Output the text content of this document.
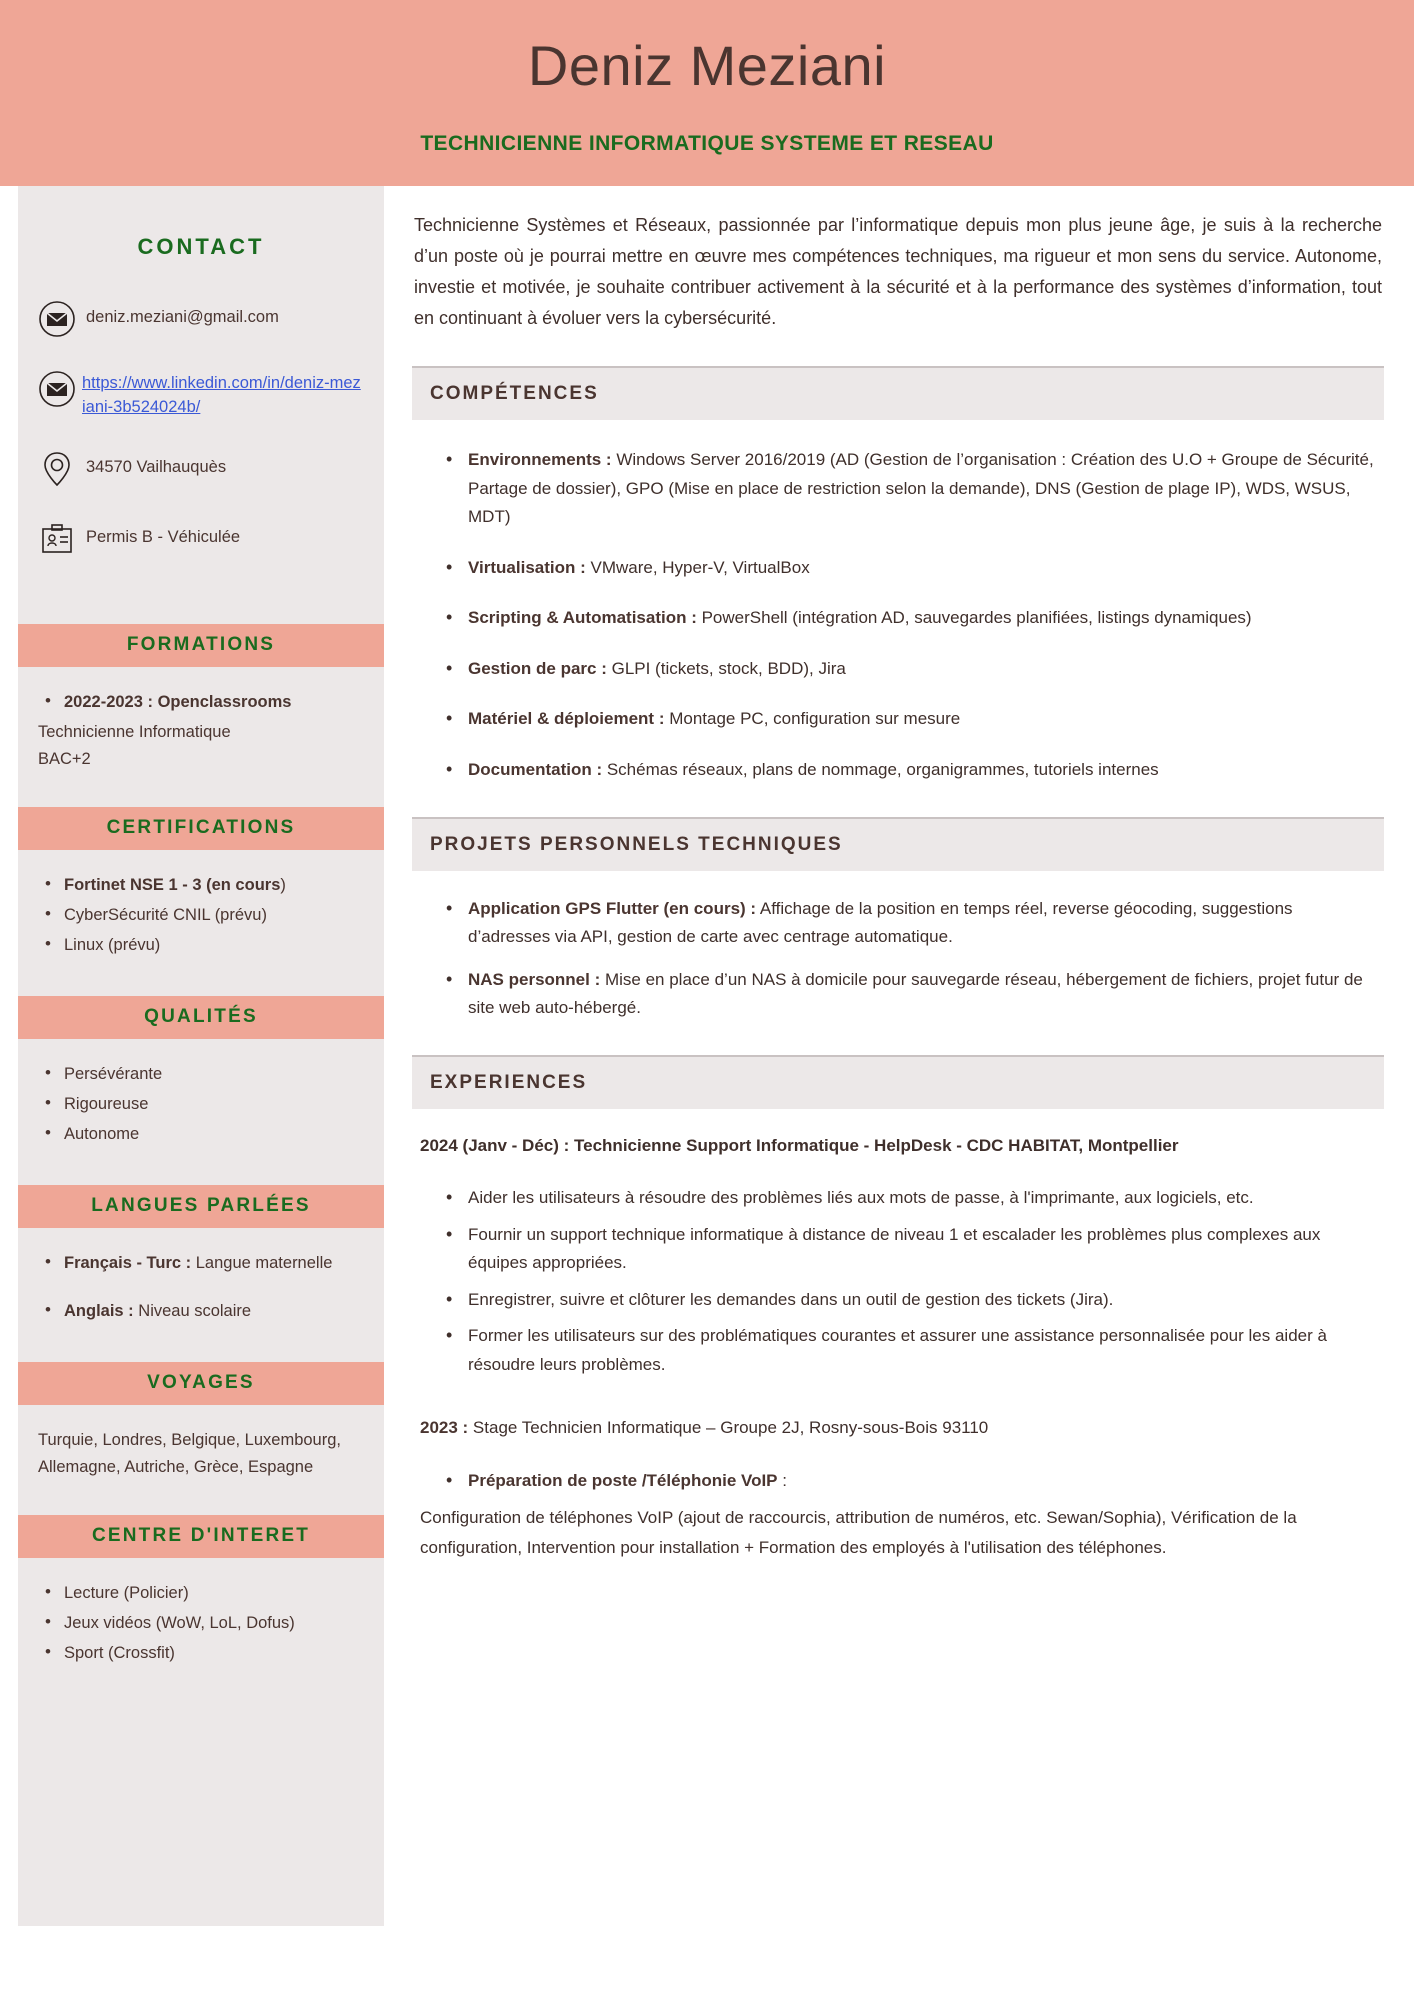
Deniz Meziani
TECHNICIENNE INFORMATIQUE SYSTEME ET RESEAU
CONTACT
deniz.meziani@gmail.com
https://www.linkedin.com/in/deniz-meziani-3b524024b/
34570 Vailhauquès
Permis B - Véhiculée
FORMATIONS
• 2022-2023 : Openclassrooms
Technicienne Informatique
BAC+2
CERTIFICATIONS
• Fortinet NSE 1 - 3 (en cours)
• CyberSécurité CNIL (prévu)
• Linux (prévu)
QUALITÉS
• Persévérante
• Rigoureuse
• Autonome
LANGUES PARLÉES
• Français - Turc : Langue maternelle
• Anglais : Niveau scolaire
VOYAGES
Turquie, Londres, Belgique, Luxembourg, Allemagne, Autriche, Grèce, Espagne
CENTRE D'INTERET
• Lecture (Policier)
• Jeux vidéos (WoW, LoL, Dofus)
• Sport (Crossfit)

Technicienne Systèmes et Réseaux, passionnée par l’informatique depuis mon plus jeune âge, je suis à la recherche d’un poste où je pourrai mettre en œuvre mes compétences techniques, ma rigueur et mon sens du service. Autonome, investie et motivée, je souhaite contribuer activement à la sécurité et à la performance des systèmes d’information, tout en continuant à évoluer vers la cybersécurité.

COMPÉTENCES
• Environnements : Windows Server 2016/2019 (AD (Gestion de l’organisation : Création des U.O + Groupe de Sécurité, Partage de dossier), GPO (Mise en place de restriction selon la demande), DNS (Gestion de plage IP), WDS, WSUS, MDT)
• Virtualisation : VMware, Hyper-V, VirtualBox
• Scripting & Automatisation : PowerShell (intégration AD, sauvegardes planifiées, listings dynamiques)
• Gestion de parc : GLPI (tickets, stock, BDD), Jira
• Matériel & déploiement : Montage PC, configuration sur mesure
• Documentation : Schémas réseaux, plans de nommage, organigrammes, tutoriels internes
PROJETS PERSONNELS TECHNIQUES
• Application GPS Flutter (en cours) : Affichage de la position en temps réel, reverse géocoding, suggestions d’adresses via API, gestion de carte avec centrage automatique.
• NAS personnel : Mise en place d’un NAS à domicile pour sauvegarde réseau, hébergement de fichiers, projet futur de site web auto-hébergé.
EXPERIENCES
2024 (Janv - Déc) : Technicienne Support Informatique - HelpDesk - CDC HABITAT, Montpellier
• Aider les utilisateurs à résoudre des problèmes liés aux mots de passe, à l'imprimante, aux logiciels, etc.
• Fournir un support technique informatique à distance de niveau 1 et escalader les problèmes plus complexes aux équipes appropriées.
• Enregistrer, suivre et clôturer les demandes dans un outil de gestion des tickets (Jira).
• Former les utilisateurs sur des problématiques courantes et assurer une assistance personnalisée pour les aider à résoudre leurs problèmes.
2023 : Stage Technicien Informatique – Groupe 2J, Rosny-sous-Bois 93110
• Préparation de poste /Téléphonie VoIP :
Configuration de téléphones VoIP (ajout de raccourcis, attribution de numéros, etc. Sewan/Sophia), Vérification de la configuration, Intervention pour installation + Formation des employés à l'utilisation des téléphones.
